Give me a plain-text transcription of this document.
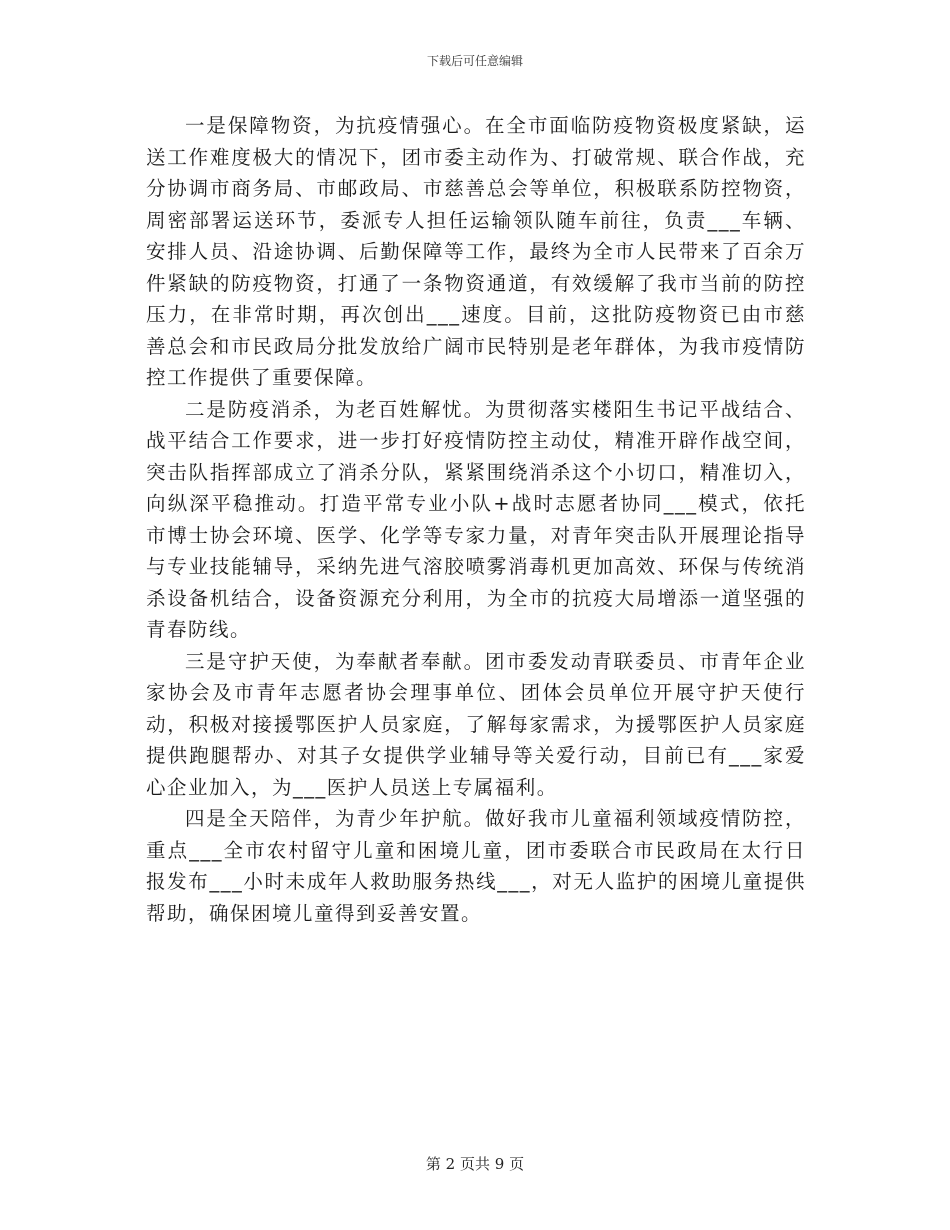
下载后可任意编辑

一是保障物资，为抗疫情强心。在全市面临防疫物资极度紧缺，运送工作难度极大的情况下，团市委主动作为、打破常规、联合作战，充分协调市商务局、市邮政局、市慈善总会等单位，积极联系防控物资，周密部署运送环节，委派专人担任运输领队随车前往，负责___车辆、安排人员、沿途协调、后勤保障等工作，最终为全市人民带来了百余万件紧缺的防疫物资，打通了一条物资通道，有效缓解了我市当前的防控压力，在非常时期，再次创出___速度。目前，这批防疫物资已由市慈善总会和市民政局分批发放给广阔市民特别是老年群体，为我市疫情防控工作提供了重要保障。

二是防疫消杀，为老百姓解忧。为贯彻落实楼阳生书记平战结合、战平结合工作要求，进一步打好疫情防控主动仗，精准开辟作战空间，突击队指挥部成立了消杀分队，紧紧围绕消杀这个小切口，精准切入，向纵深平稳推动。打造平常专业小队+战时志愿者协同___模式，依托市博士协会环境、医学、化学等专家力量，对青年突击队开展理论指导与专业技能辅导，采纳先进气溶胶喷雾消毒机更加高效、环保与传统消杀设备机结合，设备资源充分利用，为全市的抗疫大局增添一道坚强的青春防线。

三是守护天使，为奉献者奉献。团市委发动青联委员、市青年企业家协会及市青年志愿者协会理事单位、团体会员单位开展守护天使行动，积极对接援鄂医护人员家庭，了解每家需求，为援鄂医护人员家庭提供跑腿帮办、对其子女提供学业辅导等关爱行动，目前已有___家爱心企业加入，为___医护人员送上专属福利。

四是全天陪伴，为青少年护航。做好我市儿童福利领域疫情防控，重点___全市农村留守儿童和困境儿童，团市委联合市民政局在太行日报发布___小时未成年人救助服务热线___，对无人监护的困境儿童提供帮助，确保困境儿童得到妥善安置。

第 2 页共 9 页
